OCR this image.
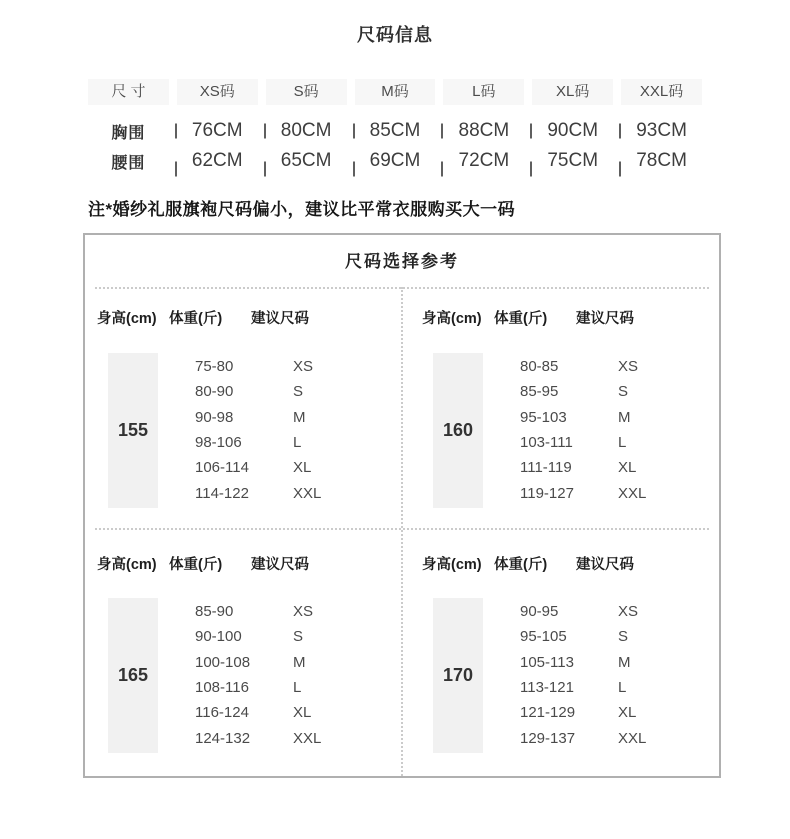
尺码信息
尺 寸	XS码	S码	M码	L码	XL码	XXL码
胸围	76CM 80CM 85CM 88CM 90CM 93CM
腰围	62CM 65CM 69CM 72CM 75CM 78CM
注*婚纱礼服旗袍尺码偏小，建议比平常衣服购买大一码
尺码选择参考
身高(cm) 体重(斤) 建议尺码
155
75-80	XS
80-90	S
90-98	M
98-106	L
106-114	XL
114-122	XXL
身高(cm) 体重(斤) 建议尺码
160
80-85	XS
85-95	S
95-103	M
103-111	L
111-119	XL
119-127	XXL
身高(cm) 体重(斤) 建议尺码
165
85-90	XS
90-100	S
100-108	M
108-116	L
116-124	XL
124-132	XXL
身高(cm) 体重(斤) 建议尺码
170
90-95	XS
95-105	S
105-113	M
113-121	L
121-129	XL
129-137	XXL
